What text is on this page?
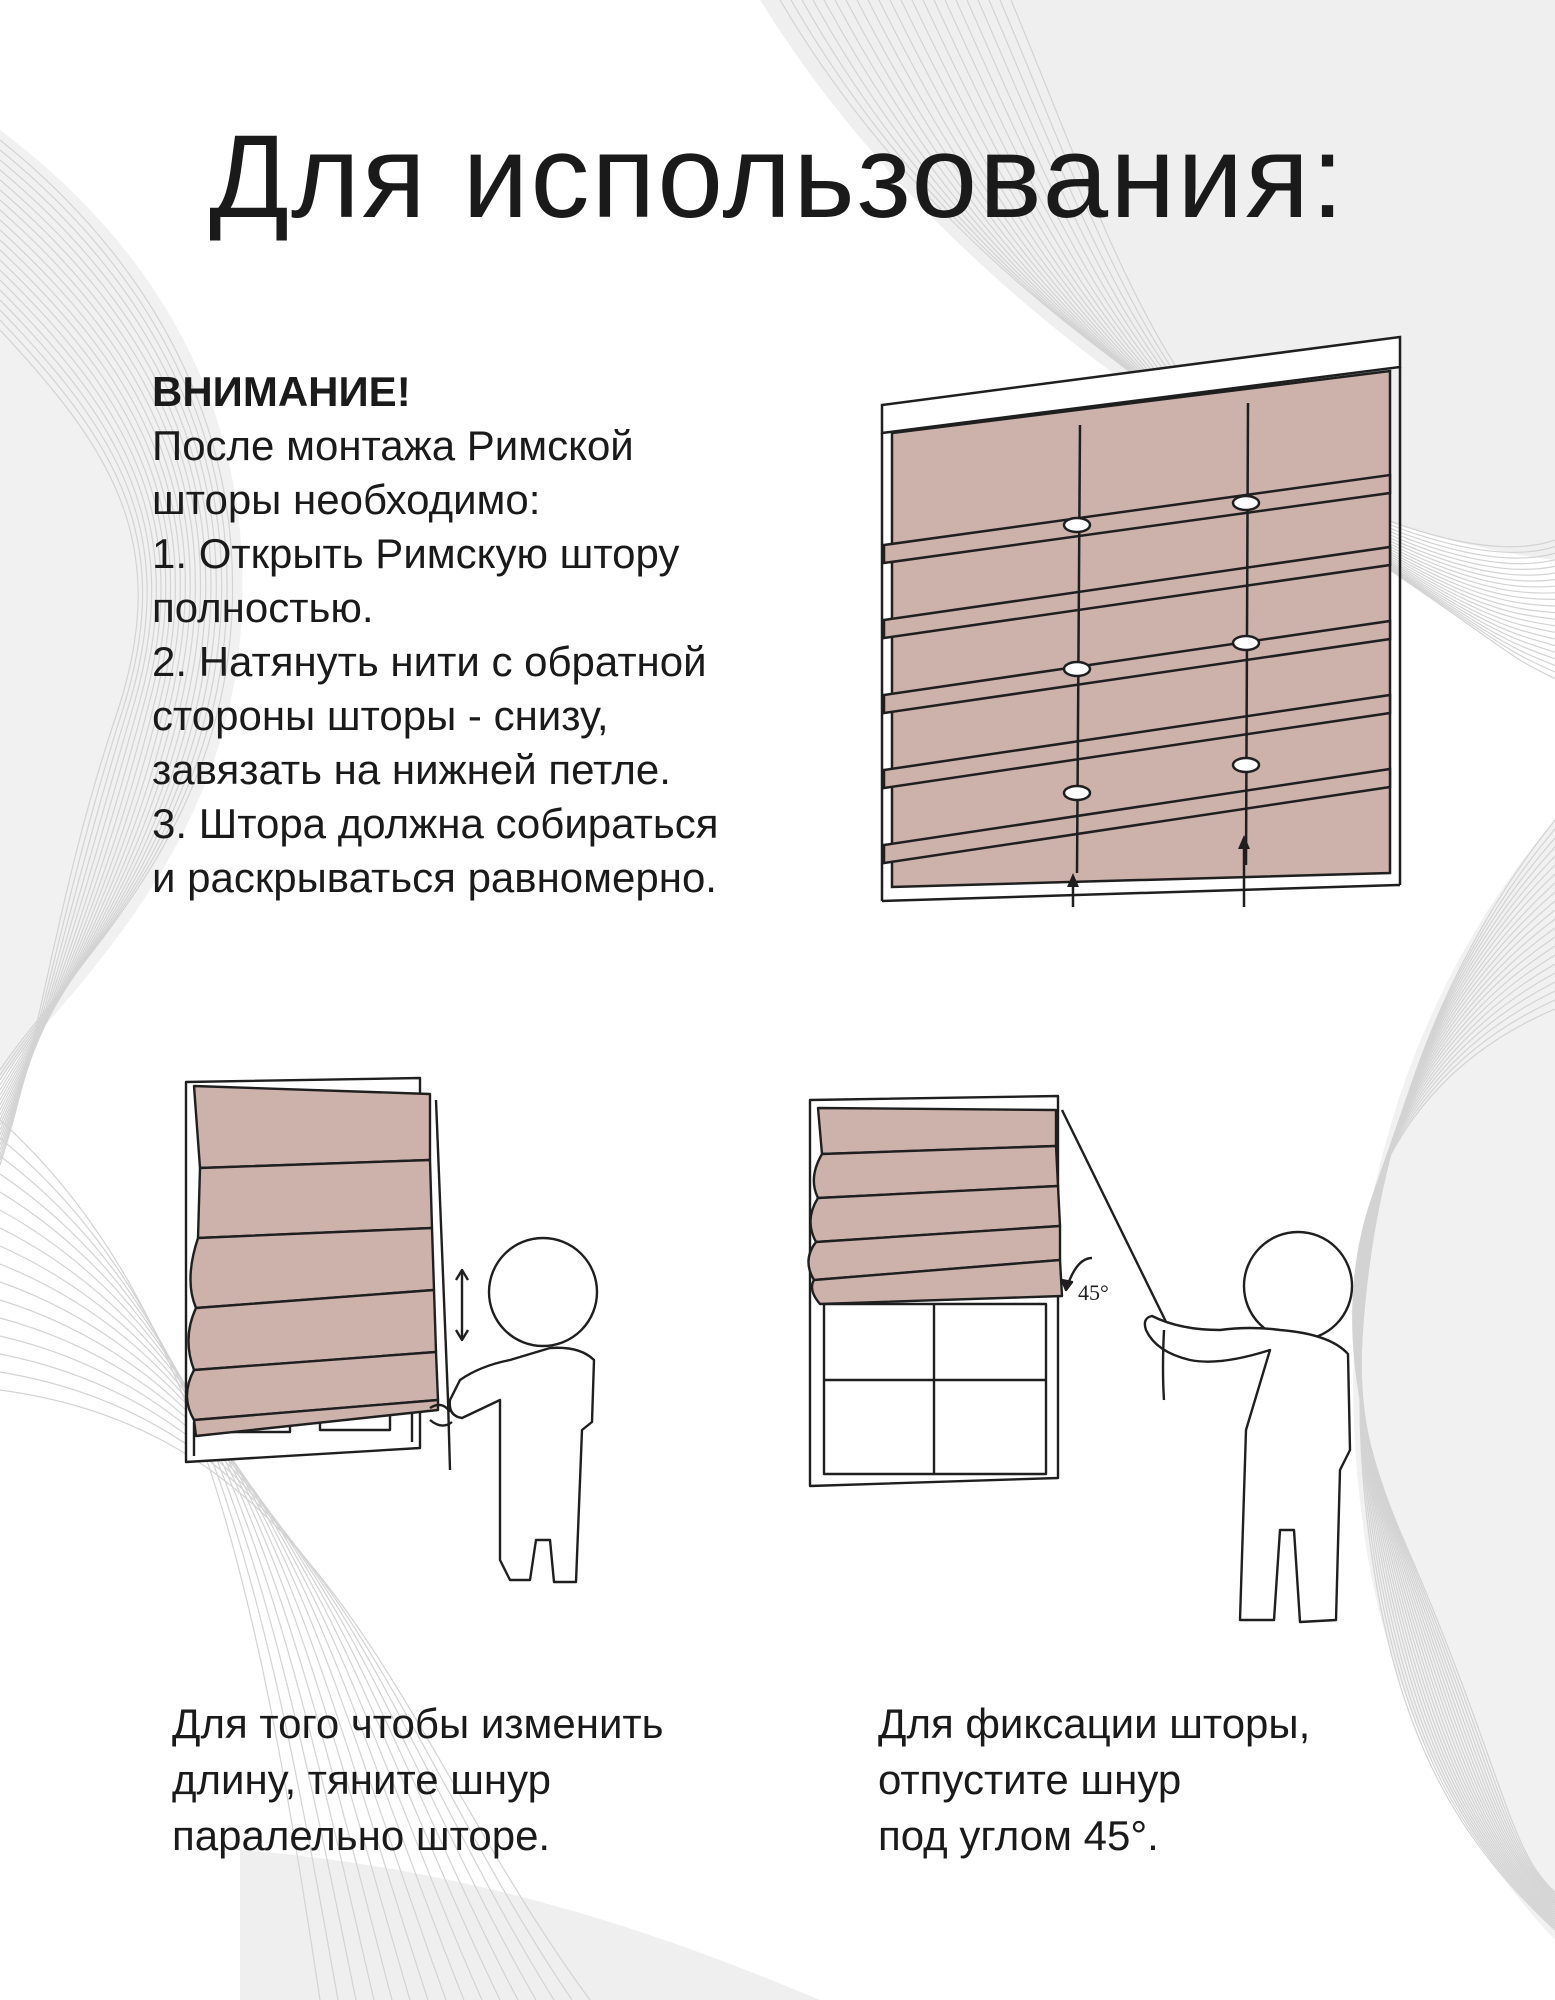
Для использования:
ВНИМАНИЕ!
После монтажа Римской
шторы необходимо:
1. Открыть Римскую штору
полностью.
2. Натянуть нити с обратной
стороны шторы - снизу,
завязать на нижней петле.
3. Штора должна собираться
и раскрываться равномерно.
45°
Для того чтобы изменить
длину, тяните шнур
паралельно шторе.
Для фиксации шторы,
отпустите шнур
под углом 45°.
